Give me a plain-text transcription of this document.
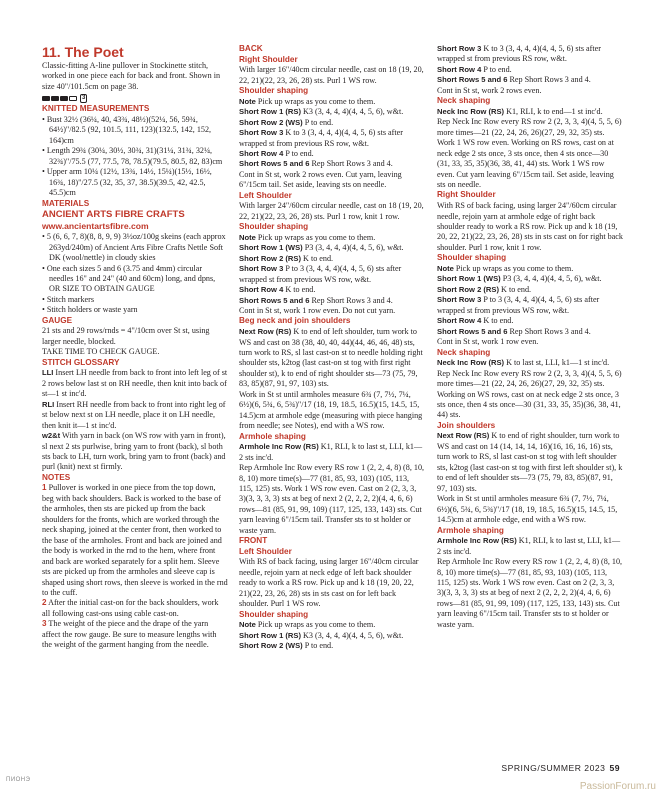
11. The Poet

Classic-fitting A-line pullover in Stockinette stitch, worked in one piece each for back and front. Shown in size 40"/101.5cm on page 38.

3
KNITTED MEASUREMENTS

• Bust 32½ (36¼, 40, 43¾, 48½)(52¼, 56, 59¾, 64½)"/82.5 (92, 101.5, 111, 123)(132.5, 142, 152, 164)cm

• Length 29¾ (30¼, 30½, 30¾, 31)(31¼, 31¾, 32¼, 32¾)"/75.5 (77, 77.5, 78, 78.5)(79.5, 80.5, 82, 83)cm

• Upper arm 10¼ (12½, 13¾, 14½, 15¼)(15½, 16½, 16¾, 18)"/27.5 (32, 35, 37, 38.5)(39.5, 42, 42.5, 45.5)cm

MATERIALS
ANCIENT ARTS FIBRE CRAFTS
www.ancientartsfibre.com

• 5 (6, 6, 7, 8)(8, 8, 9, 9) 3½oz/100g skeins (each approx 263yd/240m) of Ancient Arts Fibre Crafts Nettle Soft DK (wool/nettle) in cloudy skies

• One each sizes 5 and 6 (3.75 and 4mm) circular needles 16" and 24" (40 and 60cm) long, and dpns, OR SIZE TO OBTAIN GAUGE

• Stitch markers

• Stitch holders or waste yarn

GAUGE

21 sts and 29 rows/rnds = 4"/10cm over St st, using larger needle, blocked.

TAKE TIME TO CHECK GAUGE.

STITCH GLOSSARY

LLI Insert LH needle from back to front into left leg of st 2 rows below last st on RH needle, then knit into back of st—1 st inc'd.

RLI Insert RH needle from back to front into right leg of st below next st on LH needle, place it on LH needle, then knit it—1 st inc'd.

w2&t With yarn in back (on WS row with yarn in front), sl next 2 sts purlwise, bring yarn to front (back), sl both sts back to LH, turn work, bring yarn to front (back) and purl (knit) next st firmly.

NOTES

1 Pullover is worked in one piece from the top down, beg with back shoulders. Back is worked to the base of the armholes, then sts are picked up from the back shoulders for the fronts, which are worked through the neck shaping, joined at the center front, then worked to the base of the armholes. Front and back are joined and the body is worked in the rnd to the hem, where front and back are worked separately for a split hem. Sleeve sts are picked up from the armholes and sleeve cap is shaped using short rows, then sleeve is worked in the rnd to the cuff.

2 After the initial cast-on for the back shoulders, work all following cast-ons using cable cast-on.

3 The weight of the piece and the drape of the yarn affect the row gauge. Be sure to measure lengths with the weight of the garment hanging from the needle.

BACK
Right Shoulder

With larger 16"/40cm circular needle, cast on 18 (19, 20, 22, 21)(22, 23, 26, 28) sts. Purl 1 WS row.

Shoulder shaping

Note Pick up wraps as you come to them.

Short Row 1 (RS) K3 (3, 4, 4, 4)(4, 4, 5, 6), w&t.

Short Row 2 (WS) P to end.

Short Row 3 K to 3 (3, 4, 4, 4)(4, 4, 5, 6) sts after wrapped st from previous RS row, w&t.

Short Row 4 P to end.

Short Rows 5 and 6 Rep Short Rows 3 and 4.

Cont in St st, work 2 rows even. Cut yarn, leaving 6"/15cm tail. Set aside, leaving sts on needle.

Left Shoulder

With larger 24"/60cm circular needle, cast on 18 (19, 20, 22, 21)(22, 23, 26, 28) sts. Purl 1 row, knit 1 row.

Shoulder shaping

Note Pick up wraps as you come to them.

Short Row 1 (WS) P3 (3, 4, 4, 4)(4, 4, 5, 6), w&t.

Short Row 2 (RS) K to end.

Short Row 3 P to 3 (3, 4, 4, 4)(4, 4, 5, 6) sts after wrapped st from previous WS row, w&t.

Short Row 4 K to end.

Short Rows 5 and 6 Rep Short Rows 3 and 4.

Cont in St st, work 1 row even. Do not cut yarn.

Beg neck and join shoulders

Next Row (RS) K to end of left shoulder, turn work to WS and cast on 38 (38, 40, 40, 44)(44, 46, 46, 48) sts, turn work to RS, sl last cast-on st to needle holding right shoulder sts, k2tog (last cast-on st tog with first right shoulder st), k to end of right shoulder sts—73 (75, 79, 83, 85)(87, 91, 97, 103) sts.

Work in St st until armholes measure 6¾ (7, 7½, 7¼, 6½)(6, 5¾, 6, 5¾)"/17 (18, 19, 18.5, 16.5)(15, 14.5, 15, 14.5)cm at armhole edge (measuring with piece hanging from needle; see Notes), end with a WS row.

Armhole shaping

Armhole Inc Row (RS) K1, RLI, k to last st, LLI, k1—2 sts inc'd.

Rep Armhole Inc Row every RS row 1 (2, 2, 4, 8) (8, 10, 8, 10) more time(s)—77 (81, 85, 93, 103) (105, 113, 115, 125) sts. Work 1 WS row even. Cast on 2 (2, 3, 3, 3)(3, 3, 3, 3) sts at beg of next 2 (2, 2, 2, 2)(4, 4, 6, 6) rows—81 (85, 91, 99, 109) (117, 125, 133, 143) sts. Cut yarn leaving 6"/15cm tail. Transfer sts to st holder or waste yarn.

FRONT
Left Shoulder

With RS of back facing, using larger 16"/40cm circular needle, rejoin yarn at neck edge of left back shoulder ready to work a RS row. Pick up and k 18 (19, 20, 22, 21)(22, 23, 26, 28) sts in sts cast on for left back shoulder. Purl 1 WS row.

Shoulder shaping

Note Pick up wraps as you come to them.

Short Row 1 (RS) K3 (3, 4, 4, 4)(4, 4, 5, 6), w&t.

Short Row 2 (WS) P to end.

Short Row 3 K to 3 (3, 4, 4, 4)(4, 4, 5, 6) sts after wrapped st from previous RS row, w&t.

Short Row 4 P to end.

Short Rows 5 and 6 Rep Short Rows 3 and 4.

Cont in St st, work 2 rows even.

Neck shaping

Neck Inc Row (RS) K1, RLI, k to end—1 st inc'd.

Rep Neck Inc Row every RS row 2 (2, 3, 3, 4)(4, 5, 5, 6) more times—21 (22, 24, 26, 26)(27, 29, 32, 35) sts. Work 1 WS row even. Working on RS rows, cast on at neck edge 2 sts once, 3 sts once, then 4 sts once—30 (31, 33, 35, 35)(36, 38, 41, 44) sts. Work 1 WS row even. Cut yarn leaving 6"/15cm tail. Set aside, leaving sts on needle.

Right Shoulder

With RS of back facing, using larger 24"/60cm circular needle, rejoin yarn at armhole edge of right back shoulder ready to work a RS row. Pick up and k 18 (19, 20, 22, 21)(22, 23, 26, 28) sts in sts cast on for right back shoulder. Purl 1 row, knit 1 row.

Shoulder shaping

Note Pick up wraps as you come to them.

Short Row 1 (WS) P3 (3, 4, 4, 4)(4, 4, 5, 6), w&t.

Short Row 2 (RS) K to end.

Short Row 3 P to 3 (3, 4, 4, 4)(4, 4, 5, 6) sts after wrapped st from previous WS row, w&t.

Short Row 4 K to end.

Short Rows 5 and 6 Rep Short Rows 3 and 4.

Cont in St st, work 1 row even.

Neck shaping

Neck Inc Row (RS) K to last st, LLI, k1—1 st inc'd.

Rep Neck Inc Row every RS row 2 (2, 3, 3, 4)(4, 5, 5, 6) more times—21 (22, 24, 26, 26)(27, 29, 32, 35) sts. Working on WS rows, cast on at neck edge 2 sts once, 3 sts once, then 4 sts once—30 (31, 33, 35, 35)(36, 38, 41, 44) sts.

Join shoulders

Next Row (RS) K to end of right shoulder, turn work to WS and cast on 14 (14, 14, 14, 16)(16, 16, 16, 16) sts, turn work to RS, sl last cast-on st tog with left shoulder sts, k2tog (last cast-on st tog with first left shoulder st), k to end of left shoulder sts—73 (75, 79, 83, 85)(87, 91, 97, 103) sts.

Work in St st until armholes measure 6¾ (7, 7½, 7¼, 6½)(6, 5¾, 6, 5¾)"/17 (18, 19, 18.5, 16.5)(15, 14.5, 15, 14.5)cm at armhole edge, end with a WS row.

Armhole shaping

Armhole Inc Row (RS) K1, RLI, k to last st, LLI, k1—2 sts inc'd.

Rep Armhole Inc Row every RS row 1 (2, 2, 4, 8) (8, 10, 8, 10) more time(s)—77 (81, 85, 93, 103) (105, 113, 115, 125) sts. Work 1 WS row even. Cast on 2 (2, 3, 3, 3)(3, 3, 3, 3) sts at beg of next 2 (2, 2, 2, 2)(4, 4, 6, 6) rows—81 (85, 91, 99, 109) (117, 125, 133, 143) sts. Cut yarn leaving 6"/15cm tail. Transfer sts to st holder or waste yarn.

SPRING/SUMMER 2023 59
ПИОНЭ
PassionForum.ru
